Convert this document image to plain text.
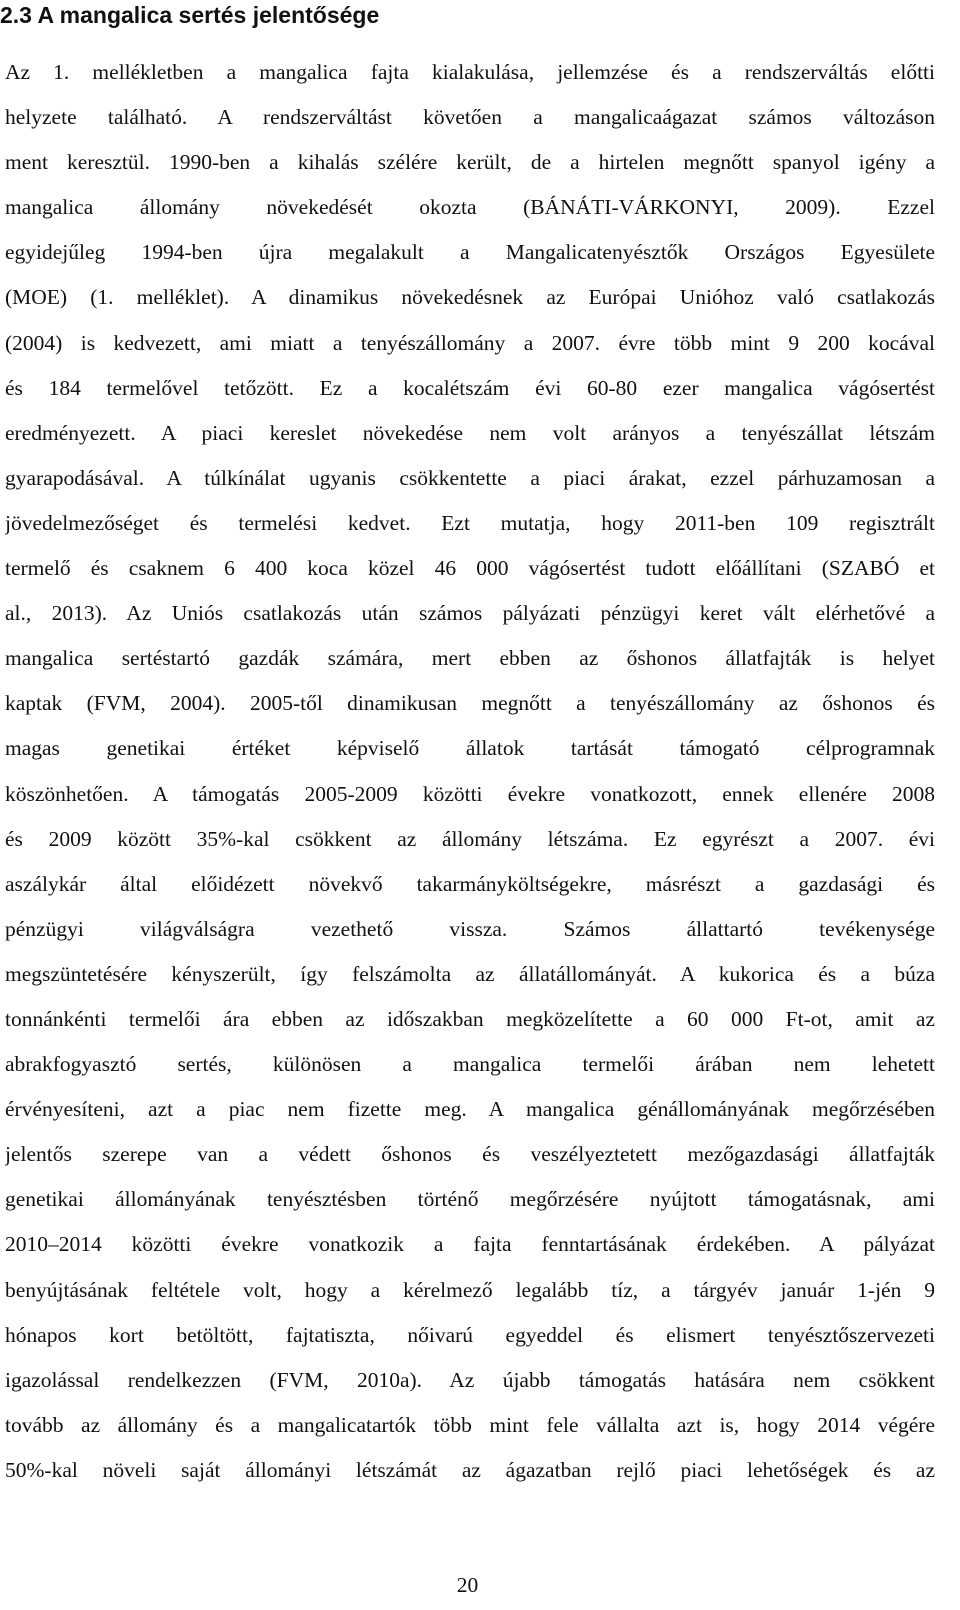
2.3 A mangalica sertés jelentősége
Az 1. mellékletben a mangalica fajta kialakulása, jellemzése és a rendszerváltás előtti
helyzete található. A rendszerváltást követően a mangalicaágazat számos változáson
ment keresztül. 1990-ben a kihalás szélére került, de a hirtelen megnőtt spanyol igény a
mangalica állomány növekedését okozta (BÁNÁTI-VÁRKONYI, 2009). Ezzel
egyidejűleg 1994-ben újra megalakult a Mangalicatenyésztők Országos Egyesülete
(MOE) (1. melléklet). A dinamikus növekedésnek az Európai Unióhoz való csatlakozás
(2004) is kedvezett, ami miatt a tenyészállomány a 2007. évre több mint 9 200 kocával
és 184 termelővel tetőzött. Ez a kocalétszám évi 60-80 ezer mangalica vágósertést
eredményezett. A piaci kereslet növekedése nem volt arányos a tenyészállat létszám
gyarapodásával. A túlkínálat ugyanis csökkentette a piaci árakat, ezzel párhuzamosan a
jövedelmezőséget és termelési kedvet. Ezt mutatja, hogy 2011-ben 109 regisztrált
termelő és csaknem 6 400 koca közel 46 000 vágósertést tudott előállítani (SZABÓ et
al., 2013). Az Uniós csatlakozás után számos pályázati pénzügyi keret vált elérhetővé a
mangalica sertéstartó gazdák számára, mert ebben az őshonos állatfajták is helyet
kaptak (FVM, 2004). 2005-től dinamikusan megnőtt a tenyészállomány az őshonos és
magas genetikai értéket képviselő állatok tartását támogató célprogramnak
köszönhetően. A támogatás 2005-2009 közötti évekre vonatkozott, ennek ellenére 2008
és 2009 között 35%-kal csökkent az állomány létszáma. Ez egyrészt a 2007. évi
aszálykár által előidézett növekvő takarmányköltségekre, másrészt a gazdasági és
pénzügyi világválságra vezethető vissza. Számos állattartó tevékenysége
megszüntetésére kényszerült, így felszámolta az állatállományát. A kukorica és a búza
tonnánkénti termelői ára ebben az időszakban megközelítette a 60 000 Ft-ot, amit az
abrakfogyasztó sertés, különösen a mangalica termelői árában nem lehetett
érvényesíteni, azt a piac nem fizette meg. A mangalica génállományának megőrzésében
jelentős szerepe van a védett őshonos és veszélyeztetett mezőgazdasági állatfajták
genetikai állományának tenyésztésben történő megőrzésére nyújtott támogatásnak, ami
2010–2014 közötti évekre vonatkozik a fajta fenntartásának érdekében. A pályázat
benyújtásának feltétele volt, hogy a kérelmező legalább tíz, a tárgyév január 1-jén 9
hónapos kort betöltött, fajtatiszta, nőivarú egyeddel és elismert tenyésztőszervezeti
igazolással rendelkezzen (FVM, 2010a). Az újabb támogatás hatására nem csökkent
tovább az állomány és a mangalicatartók több mint fele vállalta azt is, hogy 2014 végére
50%-kal növeli saját állományi létszámát az ágazatban rejlő piaci lehetőségek és az
20
